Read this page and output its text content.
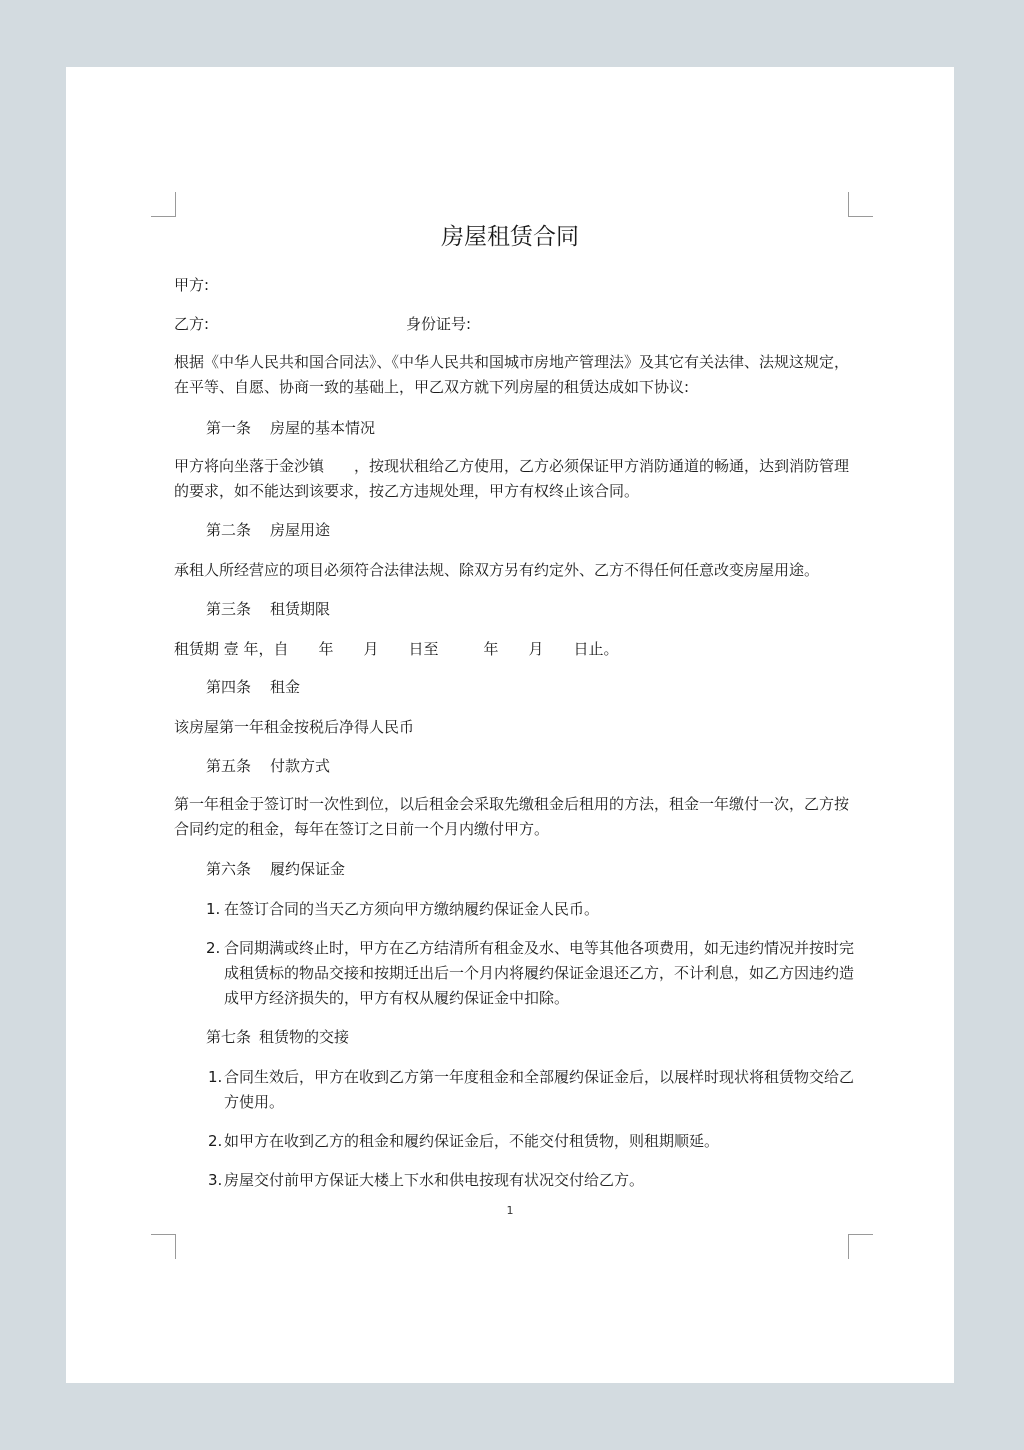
房屋租赁合同
甲方:
乙方:	身份证号:
根据《中华人民共和国合同法》、《中华人民共和国城市房地产管理法》及其它有关法律、法规这规定，在平等、自愿、协商一致的基础上，甲乙双方就下列房屋的租赁达成如下协议:
第一条 房屋的基本情况
甲方将向坐落于金沙镇　　，按现状租给乙方使用，乙方必须保证甲方消防通道的畅通，达到消防管理的要求，如不能达到该要求，按乙方违规处理，甲方有权终止该合同。
第二条 房屋用途
承租人所经营应的项目必须符合法律法规、除双方另有约定外、乙方不得任何任意改变房屋用途。
第三条 租赁期限
租赁期 壹 年，自　　年　　月　　日至　　　年　　月　　日止。
第四条 租金
该房屋第一年租金按税后净得人民币
第五条 付款方式
第一年租金于签订时一次性到位，以后租金会采取先缴租金后租用的方法，租金一年缴付一次，乙方按合同约定的租金，每年在签订之日前一个月内缴付甲方。
第六条 履约保证金
1. 在签订合同的当天乙方须向甲方缴纳履约保证金人民币。
2. 合同期满或终止时，甲方在乙方结清所有租金及水、电等其他各项费用，如无违约情况并按时完成租赁标的物品交接和按期迁出后一个月内将履约保证金退还乙方，不计利息，如乙方因违约造成甲方经济损失的，甲方有权从履约保证金中扣除。
第七条 租赁物的交接
1. 合同生效后，甲方在收到乙方第一年度租金和全部履约保证金后，以展样时现状将租赁物交给乙方使用。
2. 如甲方在收到乙方的租金和履约保证金后，不能交付租赁物，则租期顺延。
3. 房屋交付前甲方保证大楼上下水和供电按现有状况交付给乙方。
1
